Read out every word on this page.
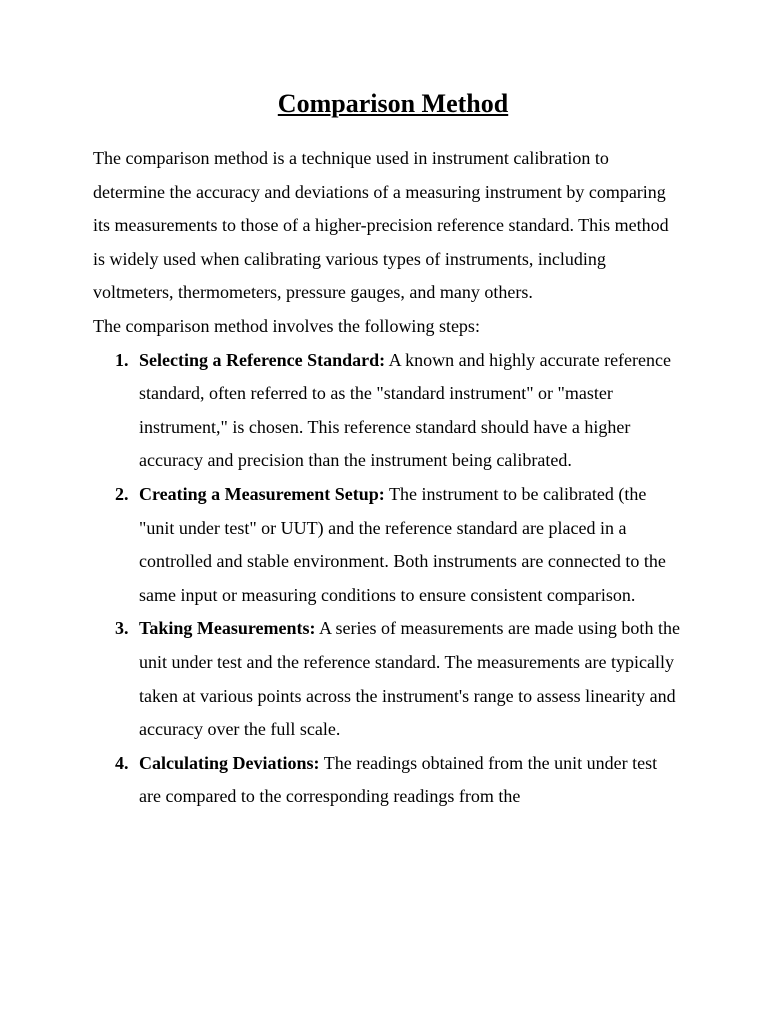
Comparison Method

The comparison method is a technique used in instrument calibration to determine the accuracy and deviations of a measuring instrument by comparing its measurements to those of a higher-precision reference standard. This method is widely used when calibrating various types of instruments, including voltmeters, thermometers, pressure gauges, and many others.

The comparison method involves the following steps:

1. Selecting a Reference Standard: A known and highly accurate reference standard, often referred to as the "standard instrument" or "master instrument," is chosen. This reference standard should have a higher accuracy and precision than the instrument being calibrated.
2. Creating a Measurement Setup: The instrument to be calibrated (the "unit under test" or UUT) and the reference standard are placed in a controlled and stable environment. Both instruments are connected to the same input or measuring conditions to ensure consistent comparison.
3. Taking Measurements: A series of measurements are made using both the unit under test and the reference standard. The measurements are typically taken at various points across the instrument's range to assess linearity and accuracy over the full scale.
4. Calculating Deviations: The readings obtained from the unit under test are compared to the corresponding readings from the
